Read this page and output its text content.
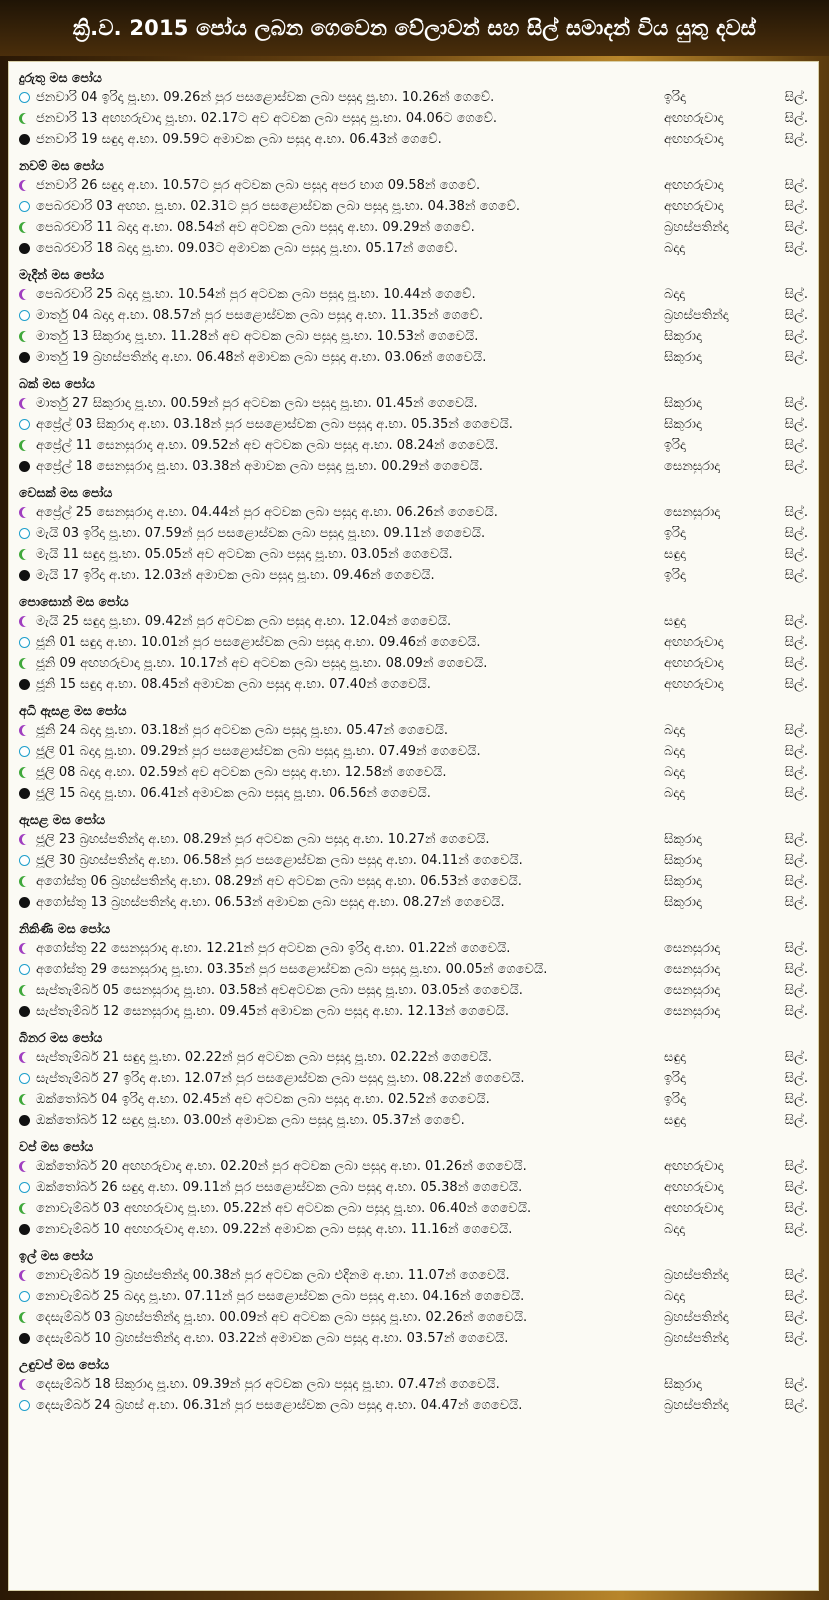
ක්‍රි.ව. 2015 පෝය ලබන ගෙවෙන වේලාවන් සහ සිල් සමාදන් විය යුතු දවස්
දුරුතු මස පෝය
ජනවාරි 04 ඉරිදා පූ.භා. 09.26න් පුර පසළොස්වක ලබා පසුදා පූ.භා. 10.26න් ගෙවේ.	ඉරිදා	සිල්.
ජනවාරි 13 අඟහරුවාදා පූ.භා. 02.17ට අව අටවක ලබා පසුදා පූ.භා. 04.06ට ගෙවේ.	අඟහරුවාදා	සිල්.
ජනවාරි 19 සඳුදා අ.භා. 09.59ට අමාවක ලබා පසුදා අ.භා. 06.43න් ගෙවේ.	අඟහරුවාදා	සිල්.
නවම් මස පෝය
ජනවාරි 26 සඳුදා අ.භා. 10.57ට පුර අටවක ලබා පසුදා අපර භාග 09.58න් ගෙවේ.	අඟහරුවාදා	සිල්.
පෙබරවාරි 03 අඟහ. පූ.භා. 02.31ට පුර පසළොස්වක ලබා පසුදා පූ.භා. 04.38න් ගෙවේ.	අඟහරුවාදා	සිල්.
පෙබරවාරි 11 බදාදා අ.භා. 08.54න් අව අටවක ලබා පසුදා අ.භා. 09.29න් ගෙවේ.	බ්‍රහස්පතින්දා	සිල්.
පෙබරවාරි 18 බදාදා පූ.භා. 09.03ට අමාවක ලබා පසුදා පූ.භා. 05.17න් ගෙවේ.	බදාදා	සිල්.
මැදින් මස පෝය
පෙබරවාරි 25 බදාදා පූ.භා. 10.54න් පුර අටවක ලබා පසුදා පූ.භා. 10.44න් ගෙවේ.	බදාදා	සිල්.
මාර්තු 04 බදාදා අ.භා. 08.57න් පුර පසළොස්වක ලබා පසුදා අ.භා. 11.35න් ගෙවේ.	බ්‍රහස්පතින්දා	සිල්.
මාර්තු 13 සිකුරාදා පූ.භා. 11.28න් අව අටවක ලබා පසුදා පූ.භා. 10.53න් ගෙවෙයි.	සිකුරාදා	සිල්.
මාර්තු 19 බ්‍රහස්පතින්දා අ.භා. 06.48න් අමාවක ලබා පසුදා අ.භා. 03.06න් ගෙවෙයි.	සිකුරාදා	සිල්.
බක් මස පෝය
මාර්තු 27 සිකුරාදා පූ.භා. 00.59න් පුර අටවක ලබා පසුදා පූ.භා. 01.45න් ගෙවෙයි.	සිකුරාදා	සිල්.
අප්‍රේල් 03 සිකුරාදා අ.භා. 03.18න් පුර පසළොස්වක ලබා පසුදා අ.භා. 05.35න් ගෙවෙයි.	සිකුරාදා	සිල්.
අප්‍රේල් 11 සෙනසුරාදා අ.භා. 09.52න් අව අටවක ලබා පසුදා අ.භා. 08.24න් ගෙවෙයි.	ඉරිදා	සිල්.
අප්‍රේල් 18 සෙනසුරාදා පූ.භා. 03.38න් අමාවක ලබා පසුදා පූ.භා. 00.29න් ගෙවෙයි.	සෙනසුරාදා	සිල්.
වෙසක් මස පෝය
අප්‍රේල් 25 සෙනසුරාදා අ.භා. 04.44න් පුර අටවක ලබා පසුදා අ.භා. 06.26න් ගෙවෙයි.	සෙනසුරාදා	සිල්.
මැයි 03 ඉරිදා පූ.භා. 07.59න් පුර පසළොස්වක ලබා පසුදා පූ.භා. 09.11න් ගෙවෙයි.	ඉරිදා	සිල්.
මැයි 11 සඳුදා පූ.භා. 05.05න් අව අටවක ලබා පසුදා පූ.භා. 03.05න් ගෙවෙයි.	සඳුදා	සිල්.
මැයි 17 ඉරිදා අ.භා. 12.03න් අමාවක ලබා පසුදා පූ.භා. 09.46න් ගෙවෙයි.	ඉරිදා	සිල්.
පොසොන් මස පෝය
මැයි 25 සඳුදා පූ.භා. 09.42න් පුර අටවක ලබා පසුදා අ.භා. 12.04න් ගෙවෙයි.	සඳුදා	සිල්.
ජූනි 01 සඳුදා අ.භා. 10.01න් පුර පසළොස්වක ලබා පසුදා අ.භා. 09.46න් ගෙවෙයි.	අඟහරුවාදා	සිල්.
ජූනි 09 අඟහරුවාදා පූ.භා. 10.17න් අව අටවක ලබා පසුදා පූ.භා. 08.09න් ගෙවෙයි.	අඟහරුවාදා	සිල්.
ජූනි 15 සඳුදා අ.භා. 08.45න් අමාවක ලබා පසුදා අ.භා. 07.40න් ගෙවෙයි.	අඟහරුවාදා	සිල්.
අධි ඇසළ මස පෝය
ජූනි 24 බදාදා පූ.භා. 03.18න් පුර අටවක ලබා පසුදා පූ.භා. 05.47න් ගෙවෙයි.	බදාදා	සිල්.
ජූලි 01 බදාදා පූ.භා. 09.29න් පුර පසළොස්වක ලබා පසුදා පූ.භා. 07.49න් ගෙවෙයි.	බදාදා	සිල්.
ජූලි 08 බදාදා අ.භා. 02.59න් අව අටවක ලබා පසුදා අ.භා. 12.58න් ගෙවෙයි.	බදාදා	සිල්.
ජූලි 15 බදාදා පූ.භා. 06.41න් අමාවක ලබා පසුදා පූ.භා. 06.56න් ගෙවෙයි.	බදාදා	සිල්.
ඇසළ මස පෝය
ජූලි 23 බ්‍රහස්පතින්දා අ.භා. 08.29න් පුර අටවක ලබා පසුදා අ.භා. 10.27න් ගෙවෙයි.	සිකුරාදා	සිල්.
ජූලි 30 බ්‍රහස්පතින්දා අ.භා. 06.58න් පුර පසළොස්වක ලබා පසුදා අ.භා. 04.11න් ගෙවෙයි.	සිකුරාදා	සිල්.
අගෝස්තු 06 බ්‍රහස්පතින්දා අ.භා. 08.29න් අව අටවක ලබා පසුදා අ.භා. 06.53න් ගෙවෙයි.	සිකුරාදා	සිල්.
අගෝස්තු 13 බ්‍රහස්පතින්දා අ.භා. 06.53න් අමාවක ලබා පසුදා අ.භා. 08.27න් ගෙවෙයි.	සිකුරාදා	සිල්.
නිකිණි මස පෝය
අගෝස්තු 22 සෙනසුරාදා අ.භා. 12.21න් පුර අටවක ලබා ඉරිදා අ.භා. 01.22න් ගෙවෙයි.	සෙනසුරාදා	සිල්.
අගෝස්තු 29 සෙනසුරාදා පූ.භා. 03.35න් පුර පසළොස්වක ලබා පසුදා පූ.භා. 00.05න් ගෙවෙයි.	සෙනසුරාදා	සිල්.
සැප්තැම්බර් 05 සෙනසුරාදා පූ.භා. 03.58න් අවඅටවක ලබා පසුදා පූ.භා. 03.05න් ගෙවෙයි.	සෙනසුරාදා	සිල්.
සැප්තැම්බර් 12 සෙනසුරාදා පූ.භා. 09.45න් අමාවක ලබා පසුදා අ.භා. 12.13න් ගෙවෙයි.	සෙනසුරාදා	සිල්.
බිනර මස පෝය
සැප්තැම්බර් 21 සඳුදා පූ.භා. 02.22න් පුර අටවක ලබා පසුදා පූ.භා. 02.22න් ගෙවෙයි.	සඳුදා	සිල්.
සැප්තැම්බර් 27 ඉරිදා අ.භා. 12.07න් පුර පසළොස්වක ලබා පසුදා පූ.භා. 08.22න් ගෙවෙයි.	ඉරිදා	සිල්.
ඔක්තෝබර් 04 ඉරිදා අ.භා. 02.45න් අව අටවක ලබා පසුදා අ.භා. 02.52න් ගෙවෙයි.	ඉරිදා	සිල්.
ඔක්තෝබර් 12 සඳුදා පූ.භා. 03.00න් අමාවක ලබා පසුදා පූ.භා. 05.37න් ගෙවේ.	සඳුදා	සිල්.
වප් මස පෝය
ඔක්තෝබර් 20 අඟහරුවාදා අ.භා. 02.20න් පුර අටවක ලබා පසුදා අ.භා. 01.26න් ගෙවෙයි.	අඟහරුවාදා	සිල්.
ඔක්තෝබර් 26 සඳුදා අ.භා. 09.11න් පුර පසළොස්වක ලබා පසුදා අ.භා. 05.38න් ගෙවෙයි.	අඟහරුවාදා	සිල්.
නොවැම්බර් 03 අඟහරුවාදා පූ.භා. 05.22න් අව අටවක ලබා පසුදා පූ.භා. 06.40න් ගෙවෙයි.	අඟහරුවාදා	සිල්.
නොවැම්බර් 10 අඟහරුවාදා අ.භා. 09.22න් අමාවක ලබා පසුදා අ.භා. 11.16න් ගෙවෙයි.	බදාදා	සිල්.
ඉල් මස පෝය
නොවැම්බර් 19 බ්‍රහස්පතින්දා 00.38න් පුර අටවක ලබා එදිනම අ.භා. 11.07න් ගෙවෙයි.	බ්‍රහස්පතින්දා	සිල්.
නොවැම්බර් 25 බදාදා පූ.භා. 07.11න් පුර පසළොස්වක ලබා පසුදා අ.භා. 04.16න් ගෙවෙයි.	බදාදා	සිල්.
දෙසැම්බර් 03 බ්‍රහස්පතින්දා පූ.භා. 00.09න් අව අටවක ලබා පසුදා පූ.භා. 02.26න් ගෙවෙයි.	බ්‍රහස්පතින්දා	සිල්.
දෙසැම්බර් 10 බ්‍රහස්පතින්දා අ.භා. 03.22න් අමාවක ලබා පසුදා අ.භා. 03.57න් ගෙවෙයි.	බ්‍රහස්පතින්දා	සිල්.
උඳුවප් මස පෝය
දෙසැම්බර් 18 සිකුරාදා පූ.භා. 09.39න් පුර අටවක ලබා පසුදා පූ.භා. 07.47න් ගෙවෙයි.	සිකුරාදා	සිල්.
දෙසැම්බර් 24 බ්‍රහස් අ.භා. 06.31න් පුර පසළොස්වක ලබා පසුදා අ.භා. 04.47න් ගෙවෙයි.	බ්‍රහස්පතින්දා	සිල්.
